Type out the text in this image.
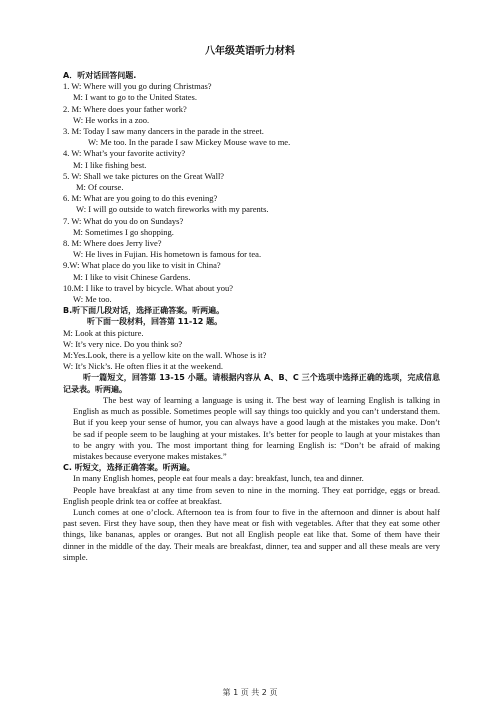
八年级英语听力材料
A．听对话回答问题.
1. W: Where will you go during Christmas?
M: I want to go to the United States.
2. M: Where does your father work?
W: He works in a zoo.
3. M: Today I saw many dancers in the parade in the street.
W: Me too. In the parade I saw Mickey Mouse wave to me.
4. W: What’s your favorite activity?
M: I like fishing best.
5. W: Shall we take pictures on the Great Wall?
M: Of course.
6. M: What are you going to do this evening?
W: I will go outside to watch fireworks with my parents.
7. W: What do you do on Sundays?
M: Sometimes I go shopping.
8. M: Where does Jerry live?
W: He lives in Fujian. His hometown is famous for tea.
9.W: What place do you like to visit in China?
M: I like to visit Chinese Gardens.
10.M: I like to travel by bicycle. What about you?
W: Me too.
B.听下面几段对话，选择正确答案。听两遍。
听下面一段材料，回答第 11-12 题。
M: Look at this picture.
W: It’s very nice. Do you think so?
M:Yes.Look, there is a yellow kite on the wall. Whose is it?
W: It’s Nick’s. He often flies it at the weekend.
听一篇短文，回答第 13-15 小题。请根据内容从 A、B、C 三个选项中选择正确的选项，完成信息记录表。听两遍。
The best way of learning a language is using it. The best way of learning English is talking in English as much as possible. Sometimes people will say things too quickly and you can’t understand them. But if you keep your sense of humor, you can always have a good laugh at the mistakes you make. Don’t be sad if people seem to be laughing at your mistakes. It’s better for people to laugh at your mistakes than to be angry with you. The most important thing for learning English is: “Don’t be afraid of making mistakes because everyone makes mistakes.”
C. 听短文，选择正确答案。听两遍。
In many English homes, people eat four meals a day: breakfast, lunch, tea and dinner.
People have breakfast at any time from seven to nine in the morning. They eat porridge, eggs or bread. English people drink tea or coffee at breakfast.
Lunch comes at one o’clock. Afternoon tea is from four to five in the afternoon and dinner is about half past seven. First they have soup, then they have meat or fish with vegetables. After that they eat some other things, like bananas, apples or oranges. But not all English people eat like that. Some of them have their dinner in the middle of the day. Their meals are breakfast, dinner, tea and supper and all these meals are very simple.
第 1 页 共 2 页
